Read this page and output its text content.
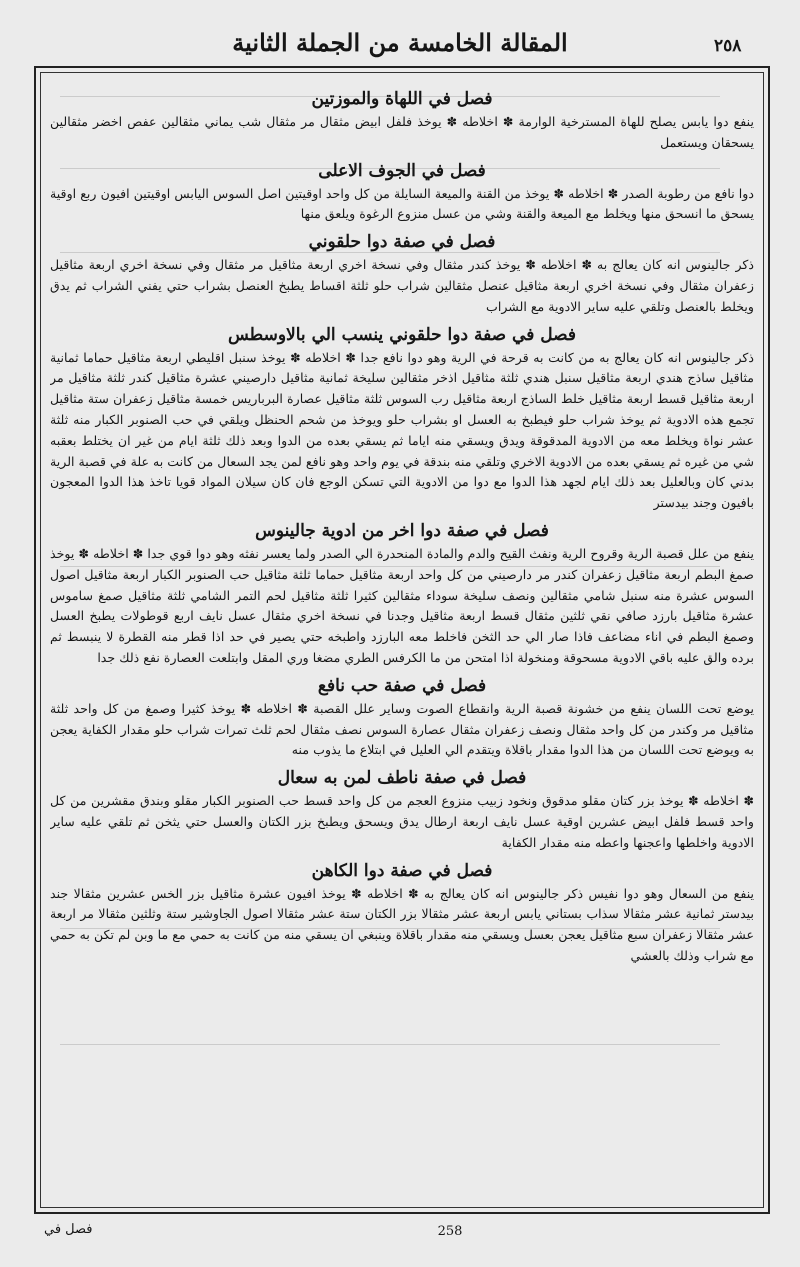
المقالة الخامسة من الجملة الثانية	٢٥٨
فصل في اللهاة والموزتين

ينفع دوا يابس يصلح للهاة المسترخية الوارمة ✽ اخلاطه ✽ يوخذ فلفل ابيض مثقال مر مثقال شب يماني مثقالين عفص اخضر مثقالين يسحقان ويستعمل

فصل في الجوف الاعلى

دوا نافع من رطوبة الصدر ✽ اخلاطه ✽ يوخذ من القنة والميعة السايلة من كل واحد اوقيتين اصل السوس اليابس اوقيتين افيون ربع اوقية يسحق ما انسحق منها ويخلط مع الميعة والقنة وشي من عسل منزوع الرغوة ويلعق منها

فصل في صفة دوا حلقوني

ذكر جالينوس انه كان يعالج به ✽ اخلاطه ✽ يوخذ كندر مثقال وفي نسخة اخري اربعة مثاقيل مر مثقال وفي نسخة اخري اربعة مثاقيل زعفران مثقال وفي نسخة اخري اربعة مثاقيل عنصل مثقالين شراب حلو ثلثة اقساط يطبخ العنصل بشراب حتي يفني الشراب ثم يدق ويخلط بالعنصل وتلقي عليه ساير الادوية مع الشراب

فصل في صفة دوا حلقوني ينسب الي بالاوسطس

ذكر جالينوس انه كان يعالج به من كانت به قرحة في الرية وهو دوا نافع جدا ✽ اخلاطه ✽ يوخذ سنبل اقليطي اربعة مثاقيل حماما ثمانية مثاقيل ساذج هندي اربعة مثاقيل سنبل هندي ثلثة مثاقيل اذخر مثقالين سليخة ثمانية مثاقيل دارصيني عشرة مثاقيل كندر ثلثة مثاقيل مر اربعة مثاقيل قسط اربعة مثاقيل خلط الساذج اربعة مثاقيل رب السوس ثلثة مثاقيل عصارة البرباريس خمسة مثاقيل زعفران ستة مثاقيل تجمع هذه الادوية ثم يوخذ شراب حلو فيطبخ به العسل او بشراب حلو ويوخذ من شحم الحنظل ويلقي في حب الصنوبر الكبار منه ثلثة عشر نواة ويخلط معه من الادوية المدقوقة ويدق ويسقي منه اياما ثم يسقي بعده من الدوا وبعد ذلك ثلثة ايام من غير ان يختلط بعقبه شي من غيره ثم يسقي بعده من الادوية الاخري وتلقي منه بندقة في يوم واحد وهو نافع لمن يجد السعال من كانت به علة في قصبة الرية بدني كان وبالعليل بعد ذلك ايام لجهد هذا الدوا مع دوا من الادوية التي تسكن الوجع فان كان سيلان المواد قويا تاخذ هذا الدوا المعجون بافيون وجند بيدستر

فصل في صفة دوا اخر من ادوية جالينوس

ينفع من علل قصبة الرية وقروح الرية ونفث القيح والدم والمادة المنحدرة الي الصدر ولما يعسر نفثه وهو دوا قوي جدا ✽ اخلاطه ✽ يوخذ صمغ البطم اربعة مثاقيل زعفران كندر مر دارصيني من كل واحد اربعة مثاقيل حماما ثلثة مثاقيل حب الصنوبر الكبار اربعة مثاقيل اصول السوس عشرة منه سنبل شامي مثقالين ونصف سليخة سوداء مثقالين كثيرا ثلثة مثاقيل لحم التمر الشامي ثلثة مثاقيل صمغ ساموس عشرة مثاقيل بارزد صافي نقي ثلثين مثقال قسط اربعة مثاقيل وجدنا في نسخة اخري مثقال عسل نايف اربع قوطولات يطبخ العسل وصمغ البطم في اناء مضاعف فاذا صار الي حد الثخن فاخلط معه البارزد واطبخه حتي يصير في حد اذا قطر منه القطرة لا ينبسط ثم برده والق عليه باقي الادوية مسحوقة ومنخولة اذا امتحن من ما الكرفس الطري مضغا وري المقل وابتلعت العصارة نفع ذلك جدا

فصل في صفة حب نافع

يوضع تحت اللسان ينفع من خشونة قصبة الرية وانقطاع الصوت وساير علل القصبة ✽ اخلاطه ✽ يوخذ كثيرا وصمغ من كل واحد ثلثة مثاقيل مر وكندر من كل واحد مثقال ونصف زعفران مثقال عصارة السوس نصف مثقال لحم ثلث تمرات شراب حلو مقدار الكفاية يعجن به ويوضع تحت اللسان من هذا الدوا مقدار باقلاة ويتقدم الي العليل في ابتلاع ما يذوب منه

فصل في صفة ناطف لمن به سعال

✽ اخلاطه ✽ يوخذ بزر كتان مقلو مدقوق ونخود زبيب منزوع العجم من كل واحد قسط حب الصنوبر الكبار مقلو وبندق مقشرين من كل واحد قسط فلفل ابيض عشرين اوقية عسل نايف اربعة ارطال يدق ويسحق ويطبخ بزر الكتان والعسل حتي يثخن ثم تلقي عليه ساير الادوية واخلطها واعجنها واعطه منه مقدار الكفاية

فصل في صفة دوا الكاهن

ينفع من السعال وهو دوا نفيس ذكر جالينوس انه كان يعالج به ✽ اخلاطه ✽ يوخذ افيون عشرة مثاقيل بزر الخس عشرين مثقالا جند بيدستر ثمانية عشر مثقالا سذاب بستاني يابس اربعة عشر مثقالا بزر الكتان ستة عشر مثقالا اصول الجاوشير ستة وثلثين مثقالا مر اربعة عشر مثقالا زعفران سبع مثاقيل يعجن بعسل ويسقي منه مقدار باقلاة وينبغي ان يسقي منه من كانت به حمي مع ما وبن لم تكن به حمي مع شراب وذلك بالعشي

فصل في	258
